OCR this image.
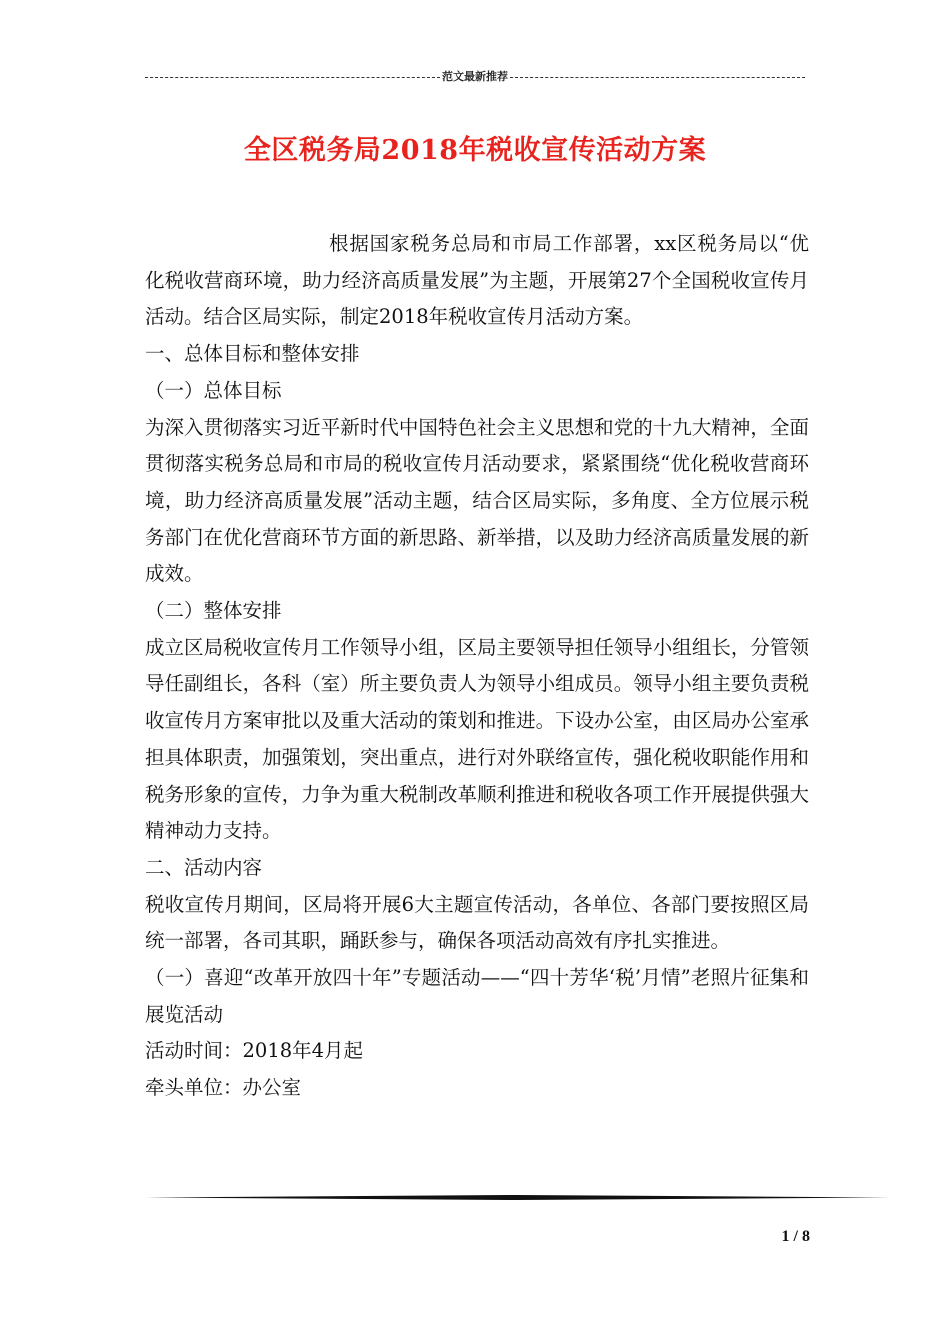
范文最新推荐
全区税务局2018年税收宣传活动方案

根据国家税务总局和市局工作部署，xx区税务局以“优化税收营商环境，助力经济高质量发展”为主题，开展第27个全国税收宣传月活动。结合区局实际，制定2018年税收宣传月活动方案。

一、总体目标和整体安排

（一）总体目标

为深入贯彻落实习近平新时代中国特色社会主义思想和党的十九大精神，全面贯彻落实税务总局和市局的税收宣传月活动要求，紧紧围绕“优化税收营商环境，助力经济高质量发展”活动主题，结合区局实际，多角度、全方位展示税务部门在优化营商环节方面的新思路、新举措，以及助力经济高质量发展的新成效。

（二）整体安排

成立区局税收宣传月工作领导小组，区局主要领导担任领导小组组长，分管领导任副组长，各科（室）所主要负责人为领导小组成员。领导小组主要负责税收宣传月方案审批以及重大活动的策划和推进。下设办公室，由区局办公室承担具体职责，加强策划，突出重点，进行对外联络宣传，强化税收职能作用和税务形象的宣传，力争为重大税制改革顺利推进和税收各项工作开展提供强大精神动力支持。

二、活动内容

税收宣传月期间，区局将开展6大主题宣传活动，各单位、各部门要按照区局统一部署，各司其职，踊跃参与，确保各项活动高效有序扎实推进。

（一）喜迎“改革开放四十年”专题活动——“四十芳华‘税’月情”老照片征集和展览活动

活动时间：2018年4月起

牵头单位：办公室

1 / 8
